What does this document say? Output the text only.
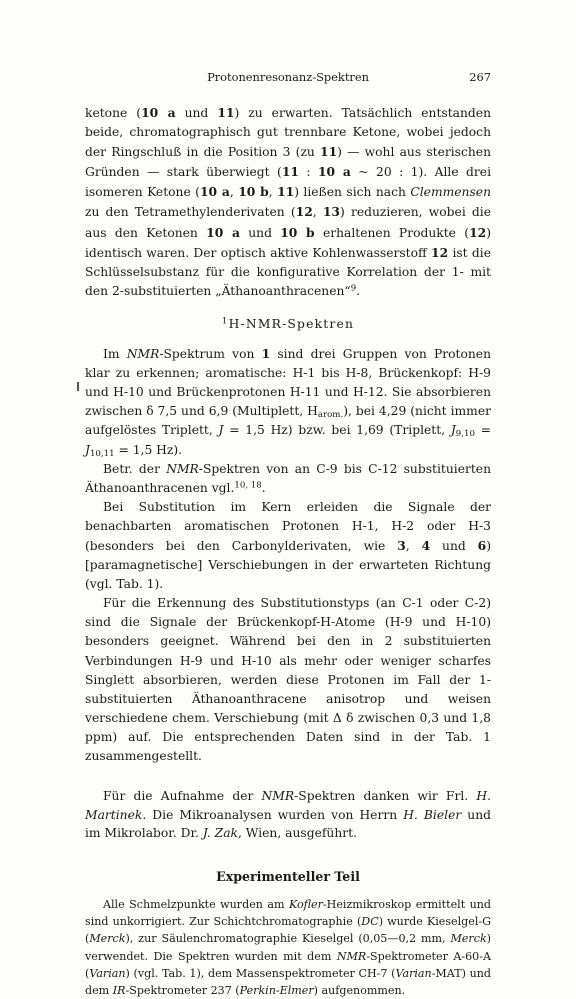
Protonenresonanz-Spektren	267

ketone (10 a und 11) zu erwarten. Tatsächlich entstanden beide, chromatographisch gut trennbare Ketone, wobei jedoch der Ringschluß in die Position 3 (zu 11) — wohl aus sterischen Gründen — stark überwiegt (11 : 10 a ~ 20 : 1). Alle drei isomeren Ketone (10 a, 10 b, 11) ließen sich nach Clemmensen zu den Tetramethylenderivaten (12, 13) reduzieren, wobei die aus den Ketonen 10 a und 10 b erhaltenen Produkte (12) identisch waren. Der optisch aktive Kohlenwasserstoff 12 ist die Schlüsselsubstanz für die konfigurative Korrelation der 1- mit den 2-substituierten „Äthanoanthracenen“$^9$.

$^1$H-NMR-Spektren

Im NMR-Spektrum von 1 sind drei Gruppen von Protonen klar zu erkennen; aromatische: H-1 bis H-8, Brückenkopf: H-9 und H-10 und Brückenprotonen H-11 und H-12. Sie absorbieren zwischen δ 7,5 und 6,9 (Multiplett, $H_{arom.}$), bei 4,29 (nicht immer aufgelöstes Triplett, J = 1,5 Hz) bzw. bei 1,69 (Triplett, $J_{9,10} = J_{10,11} = 1,5$ Hz).

Betr. der NMR-Spektren von an C-9 bis C-12 substituierten Äthanoanthracenen vgl.$^{10, 18}$.

Bei Substitution im Kern erleiden die Signale der benachbarten aromatischen Protonen H-1, H-2 oder H-3 (besonders bei den Carbonylderivaten, wie 3, 4 und 6) [paramagnetische] Verschiebungen in der erwarteten Richtung (vgl. Tab. 1).

Für die Erkennung des Substitutionstyps (an C-1 oder C-2) sind die Signale der Brückenkopf-H-Atome (H-9 und H-10) besonders geeignet. Während bei den in 2 substituierten Verbindungen H-9 und H-10 als mehr oder weniger scharfes Singlett absorbieren, werden diese Protonen im Fall der 1-substituierten Äthanoanthracene anisotrop und weisen verschiedene chem. Verschiebung (mit Δ δ zwischen 0,3 und 1,8 ppm) auf. Die entsprechenden Daten sind in der Tab. 1 zusammengestellt.

Für die Aufnahme der NMR-Spektren danken wir Frl. H. Martinek. Die Mikroanalysen wurden von Herrn H. Bieler und im Mikrolabor. Dr. J. Zak, Wien, ausgeführt.

Experimenteller Teil

Alle Schmelzpunkte wurden am Kofler-Heizmikroskop ermittelt und sind unkorrigiert. Zur Schichtchromatographie (DC) wurde Kieselgel-G (Merck), zur Säulenchromatographie Kieselgel (0,05—0,2 mm, Merck) verwendet. Die Spektren wurden mit dem NMR-Spektrometer A-60-A (Varian) (vgl. Tab. 1), dem Massenspektrometer CH-7 (Varian-MAT) und dem IR-Spektrometer 237 (Perkin-Elmer) aufgenommen.
